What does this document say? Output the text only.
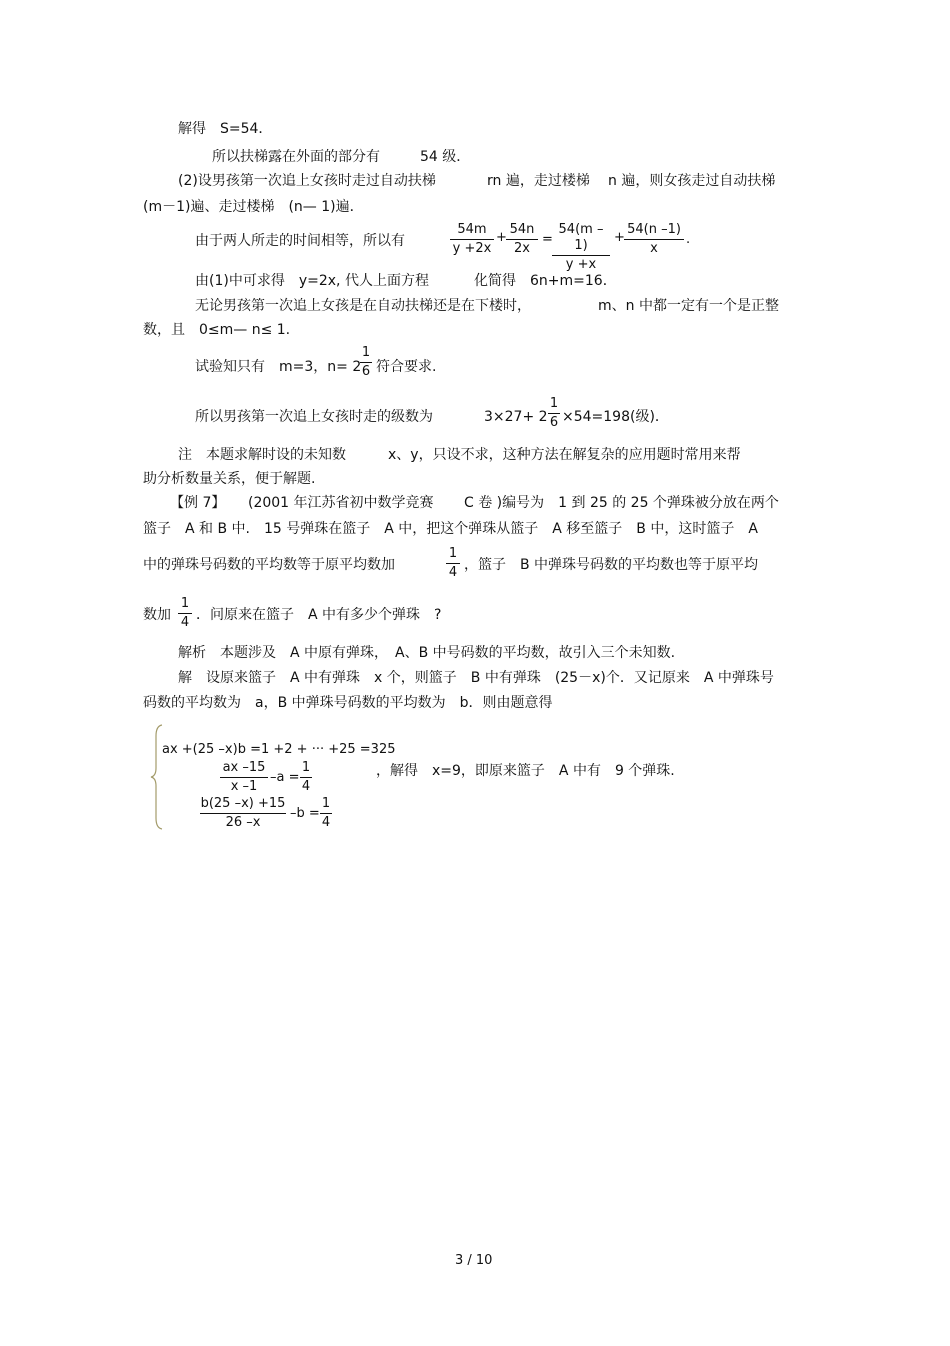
解得　S=54．
所以扶梯露在外面的部分有	54 级．
(2)设男孩第一次追上女孩时走过自动扶梯	rn 遍，走过楼梯 n 遍，则女孩走过自动扶梯
(m－1)遍、走过楼梯　(n— 1)遍．
由于两人所走的时间相等，所以有
54m
y +2x
+
54n
2x
=
54(m –1)
y +x
+
54(n –1)
x
.
由(1)中可求得　y=2x, 代人上面方程	化简得　6n+m=16．
无论男孩第一次追上女孩是在自动扶梯还是在下楼时，	m、n 中都一定有一个是正整
数，且　0≤m— n≤ 1.
试验知只有　m=3，n= 2
1
6 符合要求.
所以男孩第一次追上女孩时走的级数为	3×27+ 2
1
6 ×54=198(级)．
注　本题求解时设的未知数	x、y，只设不求，这种方法在解复杂的应用题时常用来帮
助分析数量关系，便于解题.
【例 7】 (2001 年江苏省初中数学竞赛 C 卷 )编号为　1 到 25 的 25 个弹珠被分放在两个
篮子　A 和 B 中.　15 号弹珠在篮子　A 中，把这个弹珠从篮子　A 移至篮子　B 中，这时篮子　A
中的弹珠号码数的平均数等于原平均数加
1
4 ，篮子　B 中弹珠号码数的平均数也等于原平均
数加
1
4 ．问原来在篮子　A 中有多少个弹珠　?
解析　本题涉及　A 中原有弹珠，　A、B 中号码数的平均数，故引入三个未知数.
解　设原来篮子　A 中有弹珠　x 个，则篮子　B 中有弹珠　(25－x)个．又记原来　A 中弹珠号
码数的平均数为　a，B 中弹珠号码数的平均数为　b．则由题意得
ax +(25 –x)b =1 +2 + ··· +25 =325
ax –15
x –1
–a =
1
4
b(25 –x) +15
26 –x
–b =
1
4
，解得　x=9，即原来篮子　A 中有　9 个弹珠.
3 / 10
